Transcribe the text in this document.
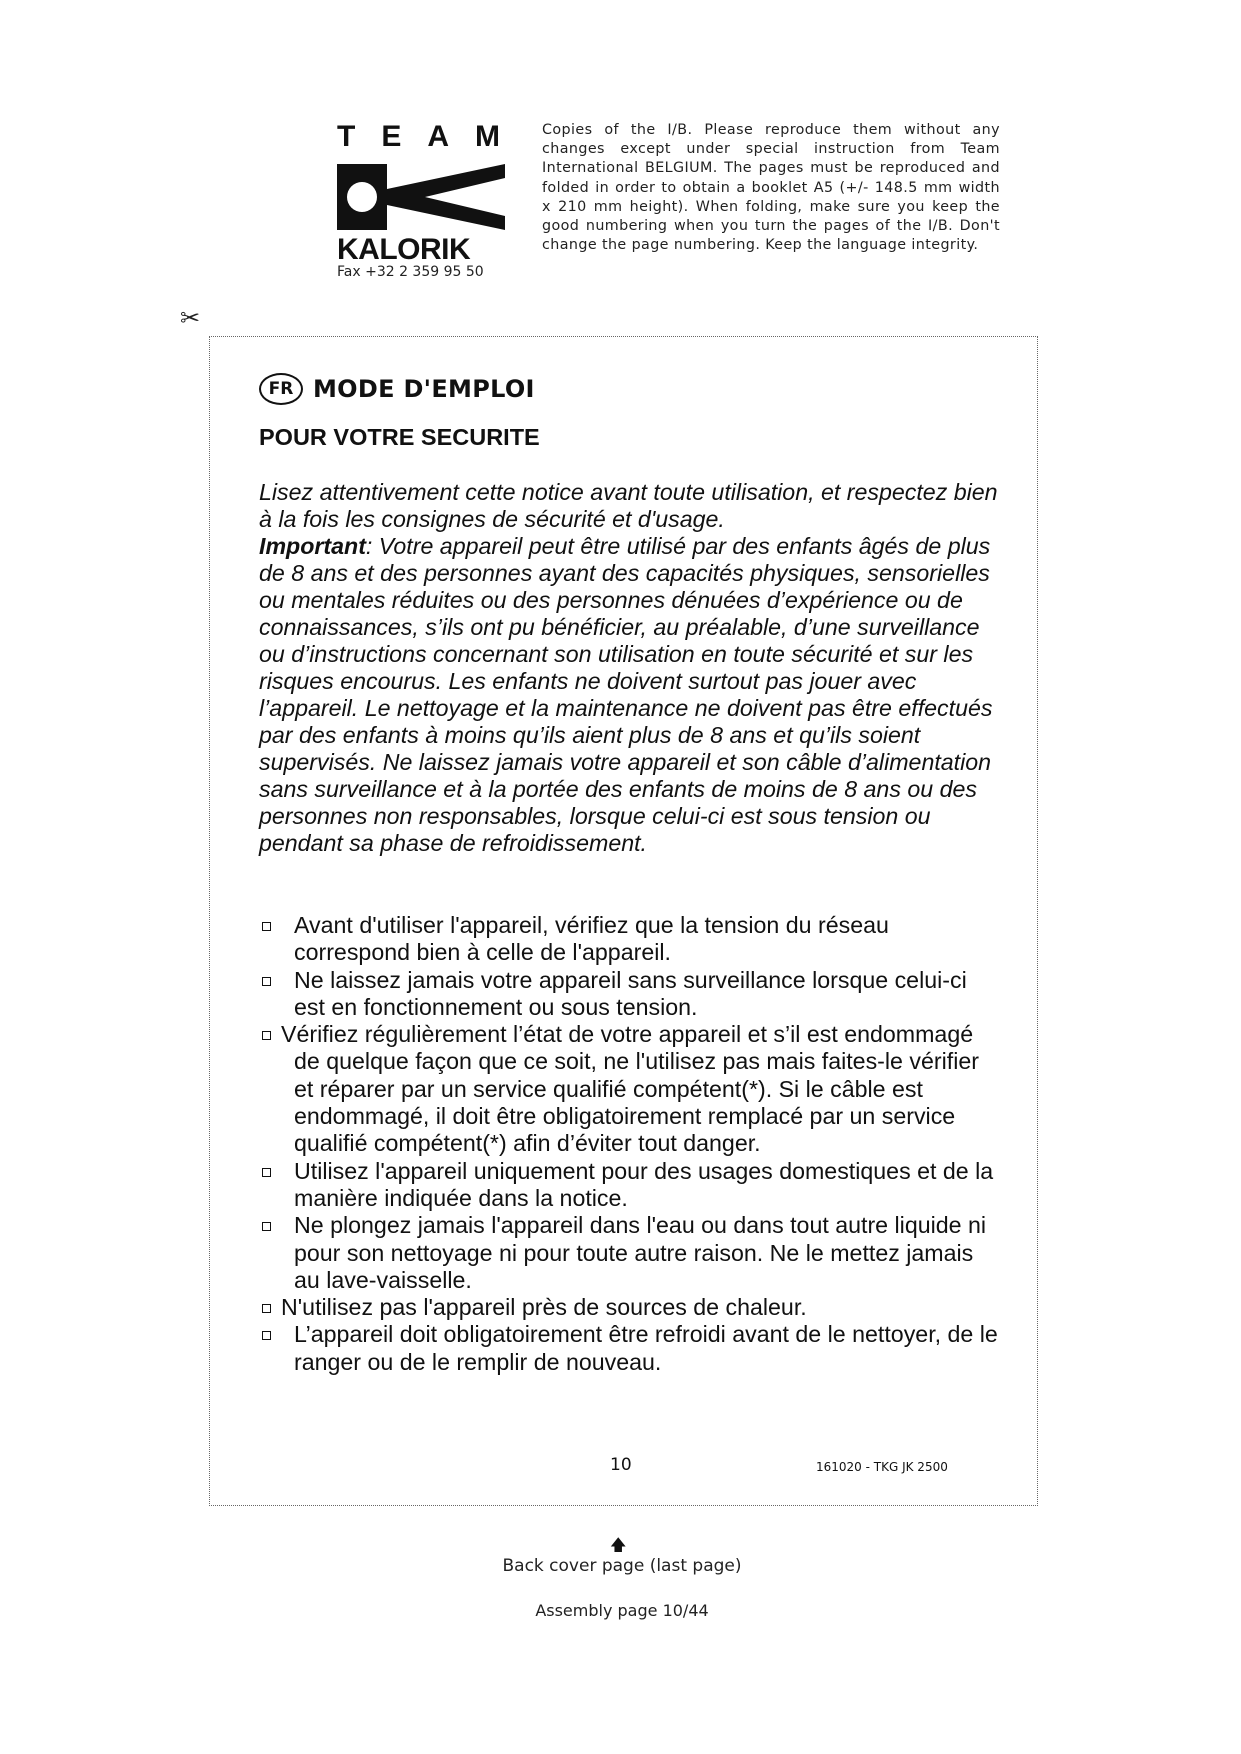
TEAM
KALORIK
Fax +32 2 359 95 50
Copies of the I/B. Please reproduce them without any changes except under special instruction from Team International BELGIUM. The pages must be reproduced and folded in order to obtain a booklet A5 (+/- 148.5 mm width x 210 mm height). When folding, make sure you keep the good numbering when you turn the pages of the I/B. Don't change the page numbering. Keep the language integrity.
✂
FR MODE D'EMPLOI
POUR VOTRE SECURITE
Lisez attentivement cette notice avant toute utilisation, et respectez bien à la fois les consignes de sécurité et d'usage.
Important: Votre appareil peut être utilisé par des enfants âgés de plus de 8 ans et des personnes ayant des capacités physiques, sensorielles ou mentales réduites ou des personnes dénuées d’expérience ou de connaissances, s’ils ont pu bénéficier, au préalable, d’une surveillance ou d’instructions concernant son utilisation en toute sécurité et sur les risques encourus. Les enfants ne doivent surtout pas jouer avec l’appareil. Le nettoyage et la maintenance ne doivent pas être effectués par des enfants à moins qu’ils aient plus de 8 ans et qu’ils soient supervisés. Ne laissez jamais votre appareil et son câble d’alimentation sans surveillance et à la portée des enfants de moins de 8 ans ou des personnes non responsables, lorsque celui-ci est sous tension ou pendant sa phase de refroidissement.
Avant d'utiliser l'appareil, vérifiez que la tension du réseau correspond bien à celle de l'appareil.
Ne laissez jamais votre appareil sans surveillance lorsque celui-ci est en fonctionnement ou sous tension.
Vérifiez régulièrement l’état de votre appareil et s’il est endommagé de quelque façon que ce soit, ne l'utilisez pas mais faites-le vérifier et réparer par un service qualifié compétent(*). Si le câble est endommagé, il doit être obligatoirement remplacé par un service qualifié compétent(*) afin d’éviter tout danger.
Utilisez l'appareil uniquement pour des usages domestiques et de la manière indiquée dans la notice.
Ne plongez jamais l'appareil dans l'eau ou dans tout autre liquide ni pour son nettoyage ni pour toute autre raison. Ne le mettez jamais au lave-vaisselle.
N'utilisez pas l'appareil près de sources de chaleur.
L’appareil doit obligatoirement être refroidi avant de le nettoyer, de le ranger ou de le remplir de nouveau.
10	161020 - TKG JK 2500
🡅
Back cover page (last page)
Assembly page 10/44
